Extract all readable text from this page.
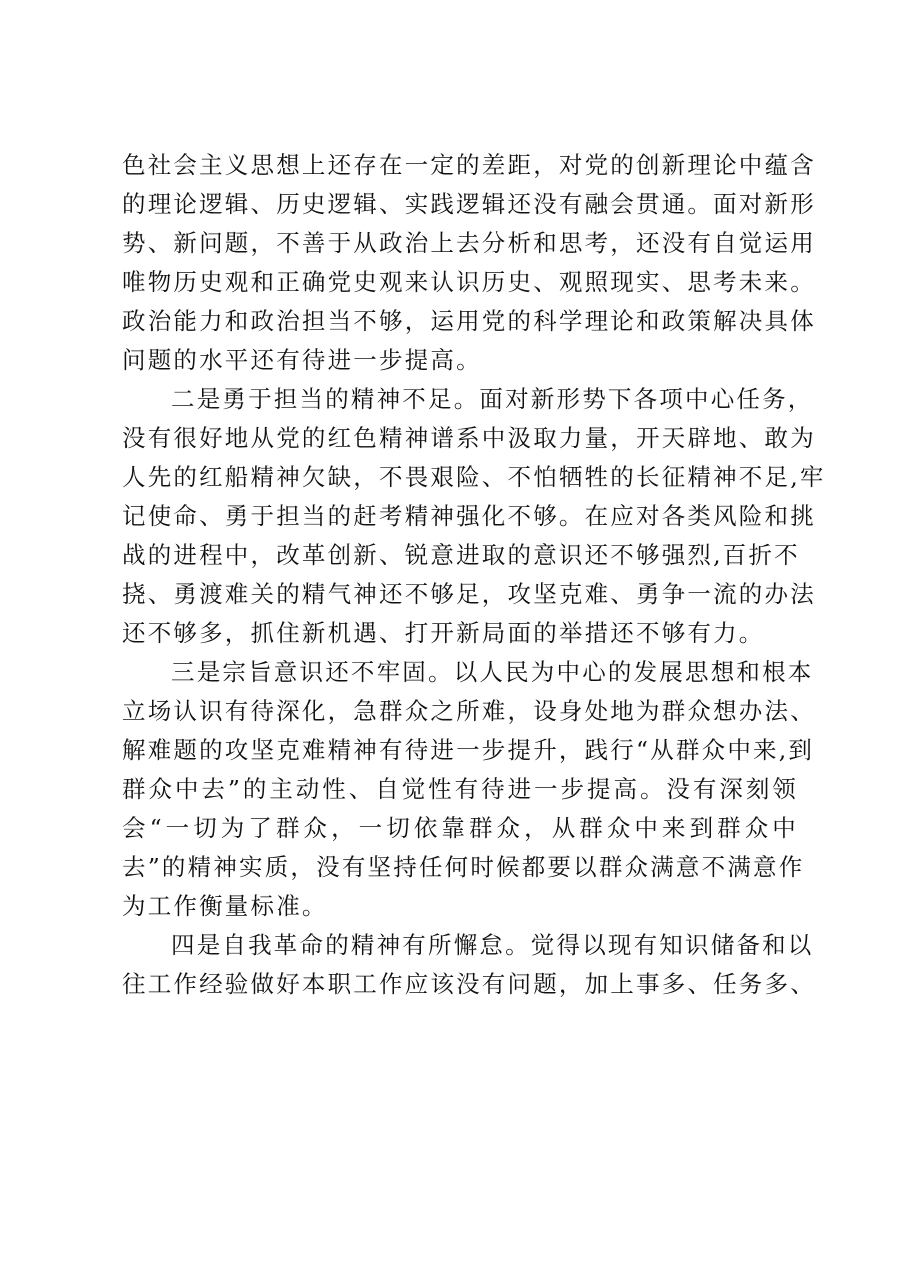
色社会主义思想上还存在一定的差距，对党的创新理论中蕴含
的理论逻辑、历史逻辑、实践逻辑还没有融会贯通。面对新形
势、新问题，不善于从政治上去分析和思考，还没有自觉运用
唯物历史观和正确党史观来认识历史、观照现实、思考未来。
政治能力和政治担当不够，运用党的科学理论和政策解决具体
问题的水平还有待进一步提高。

二是勇于担当的精神不足。面对新形势下各项中心任务，
没有很好地从党的红色精神谱系中汲取力量，开天辟地、敢为
人先的红船精神欠缺，不畏艰险、不怕牺牲的长征精神不足,牢
记使命、勇于担当的赶考精神强化不够。在应对各类风险和挑
战的进程中，改革创新、锐意进取的意识还不够强烈,百折不
挠、勇渡难关的精气神还不够足，攻坚克难、勇争一流的办法
还不够多，抓住新机遇、打开新局面的举措还不够有力。

三是宗旨意识还不牢固。以人民为中心的发展思想和根本
立场认识有待深化，急群众之所难，设身处地为群众想办法、
解难题的攻坚克难精神有待进一步提升，践行“从群众中来,到
群众中去”的主动性、自觉性有待进一步提高。没有深刻领
会“一切为了群众，一切依靠群众，从群众中来到群众中
去”的精神实质，没有坚持任何时候都要以群众满意不满意作
为工作衡量标准。

四是自我革命的精神有所懈怠。觉得以现有知识储备和以
往工作经验做好本职工作应该没有问题，加上事多、任务多、
